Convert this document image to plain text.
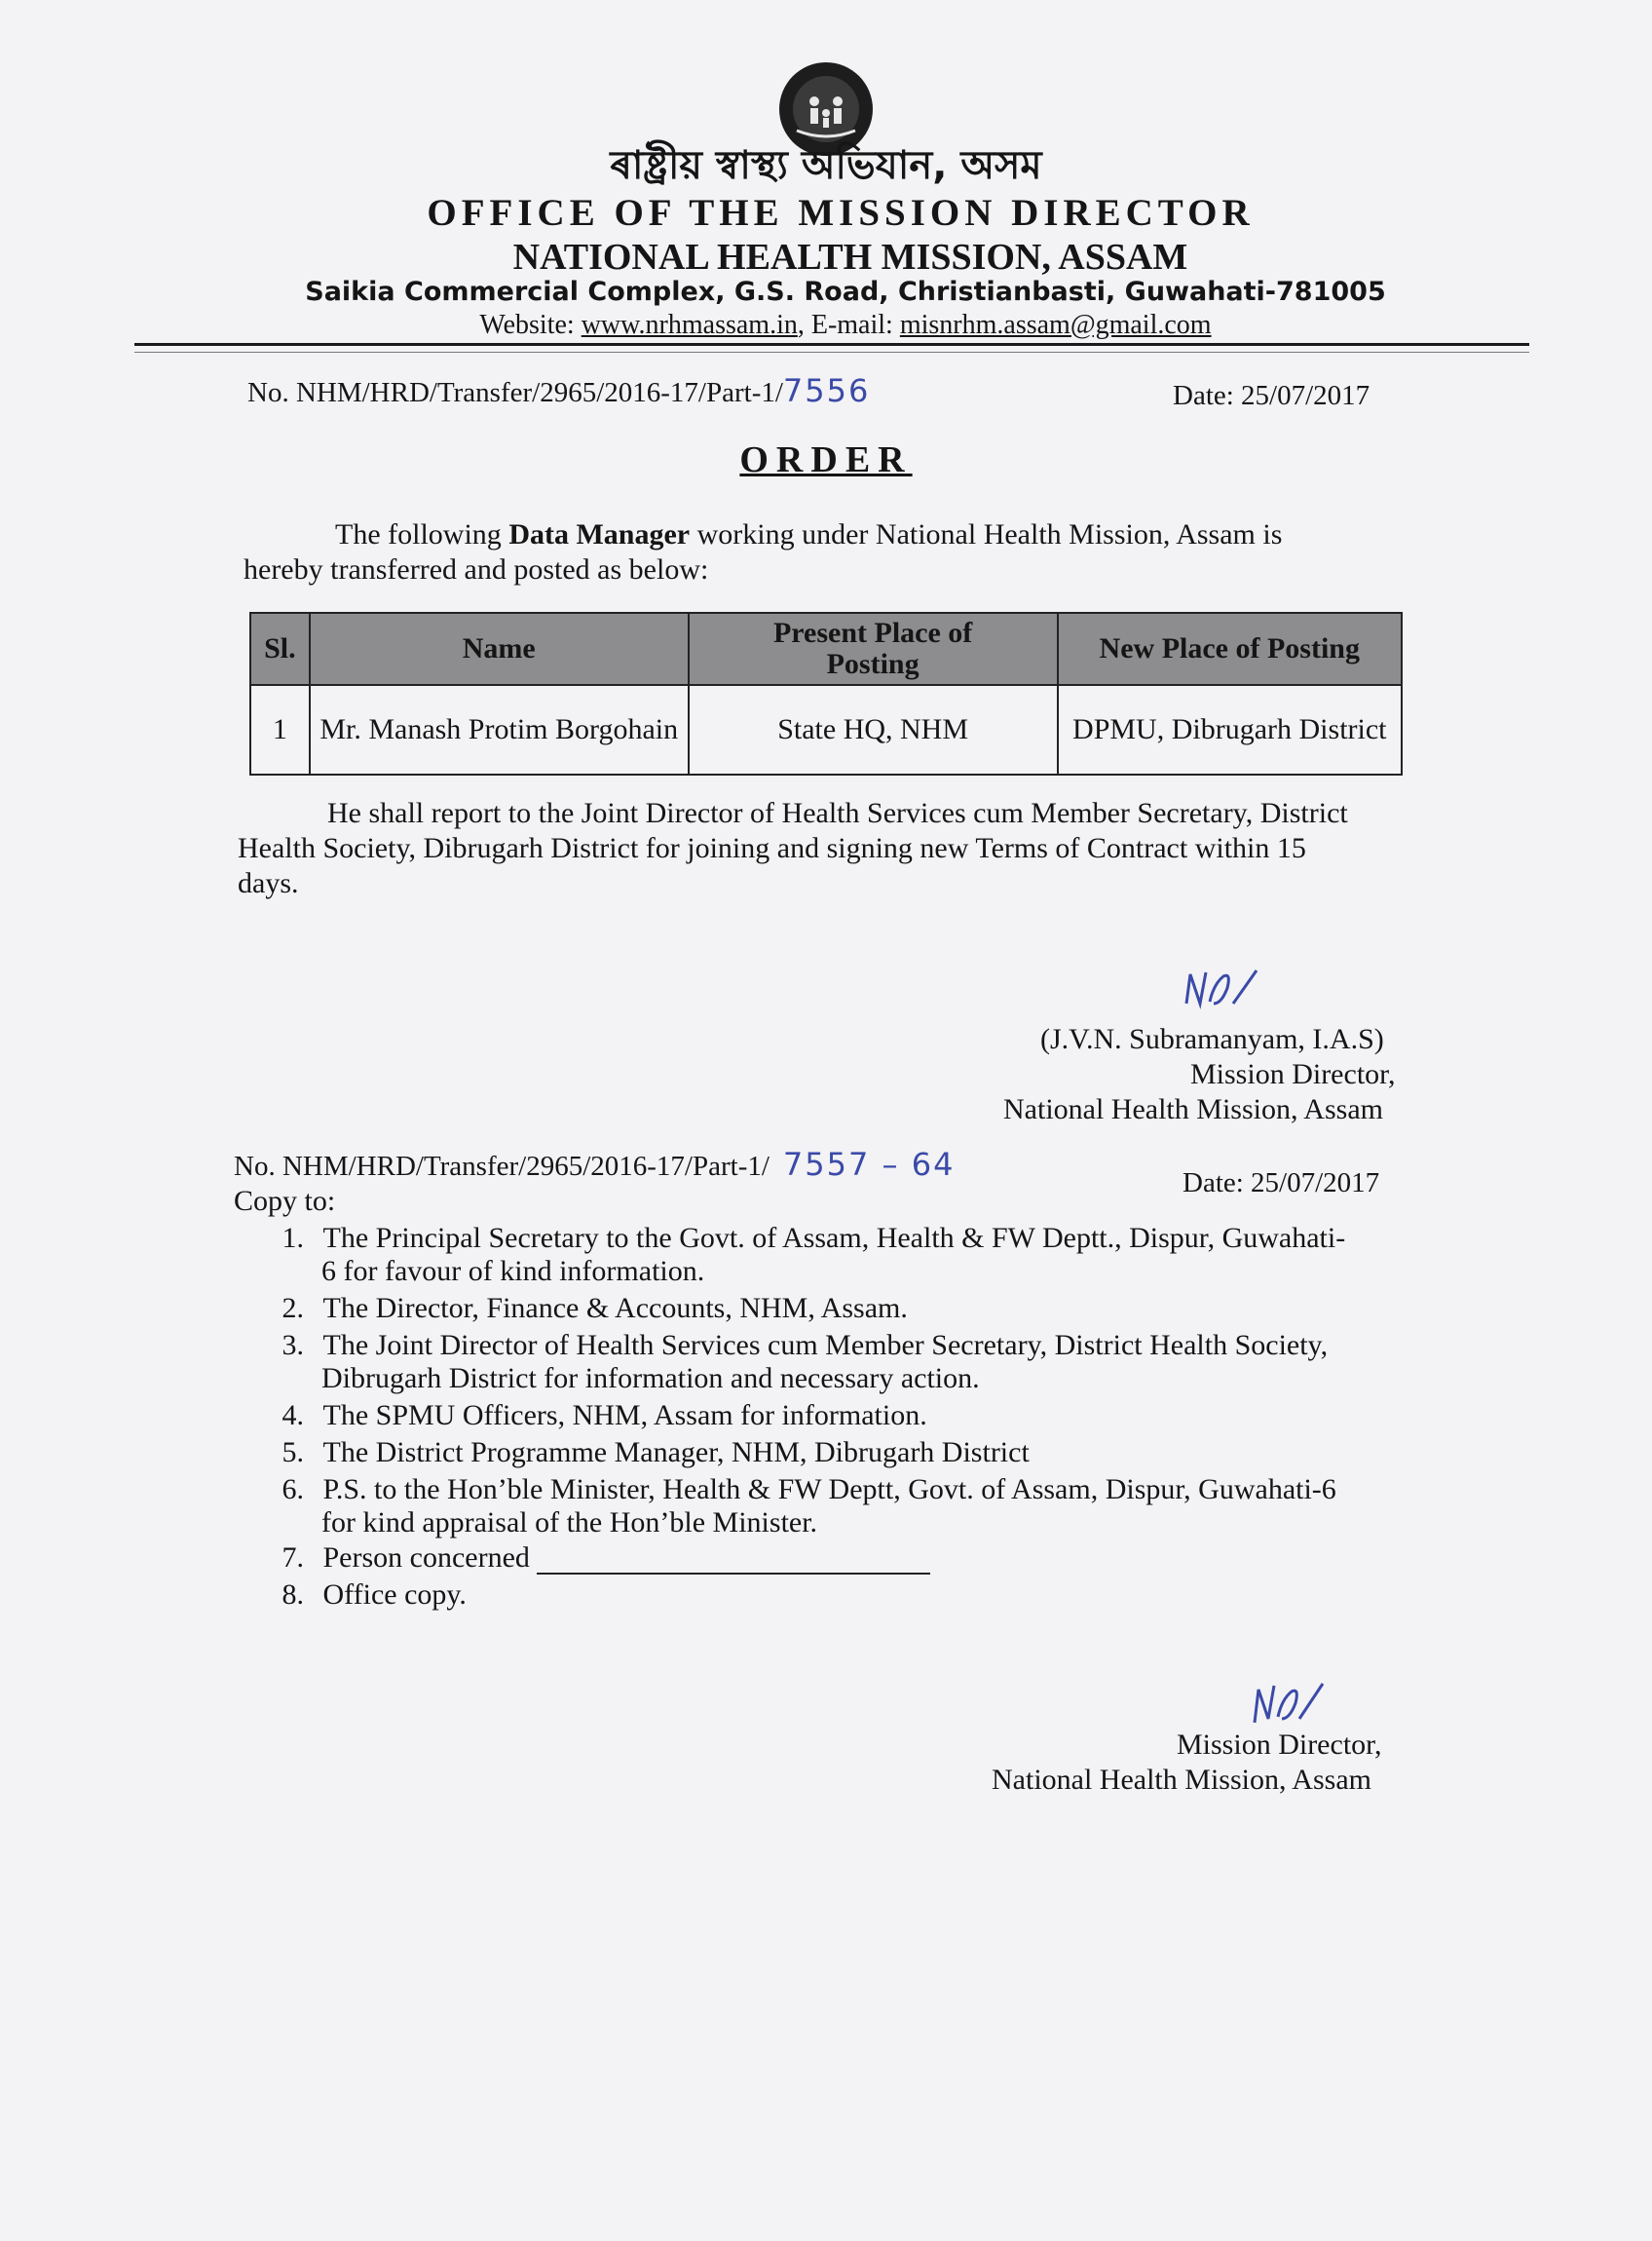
ৰাষ্ট্ৰীয় স্বাস্থ্য অভিযান, অসম
OFFICE OF THE MISSION DIRECTOR
NATIONAL HEALTH MISSION, ASSAM
Saikia Commercial Complex, G.S. Road, Christianbasti, Guwahati-781005
Website: www.nrhmassam.in, E-mail: misnrhm.assam@gmail.com
No. NHM/HRD/Transfer/2965/2016-17/Part-1/7556	Date: 25/07/2017
ORDER
The following Data Manager working under National Health Mission, Assam is
hereby transferred and posted as below:
Sl.	Name	Present Place of Posting	New Place of Posting
1	Mr. Manash Protim Borgohain	State HQ, NHM	DPMU, Dibrugarh District
He shall report to the Joint Director of Health Services cum Member Secretary, District
Health Society, Dibrugarh District for joining and signing new Terms of Contract within 15
days.
(J.V.N. Subramanyam, I.A.S)
Mission Director,
National Health Mission, Assam
No. NHM/HRD/Transfer/2965/2016-17/Part-1/ 7557 – 64	Date: 25/07/2017
Copy to:
1. The Principal Secretary to the Govt. of Assam, Health & FW Deptt., Dispur, Guwahati-
6 for favour of kind information.
2. The Director, Finance & Accounts, NHM, Assam.
3. The Joint Director of Health Services cum Member Secretary, District Health Society,
Dibrugarh District for information and necessary action.
4. The SPMU Officers, NHM, Assam for information.
5. The District Programme Manager, NHM, Dibrugarh District
6. P.S. to the Hon’ble Minister, Health & FW Deptt, Govt. of Assam, Dispur, Guwahati-6
for kind appraisal of the Hon’ble Minister.
7. Person concerned
8. Office copy.
Mission Director,
National Health Mission, Assam
